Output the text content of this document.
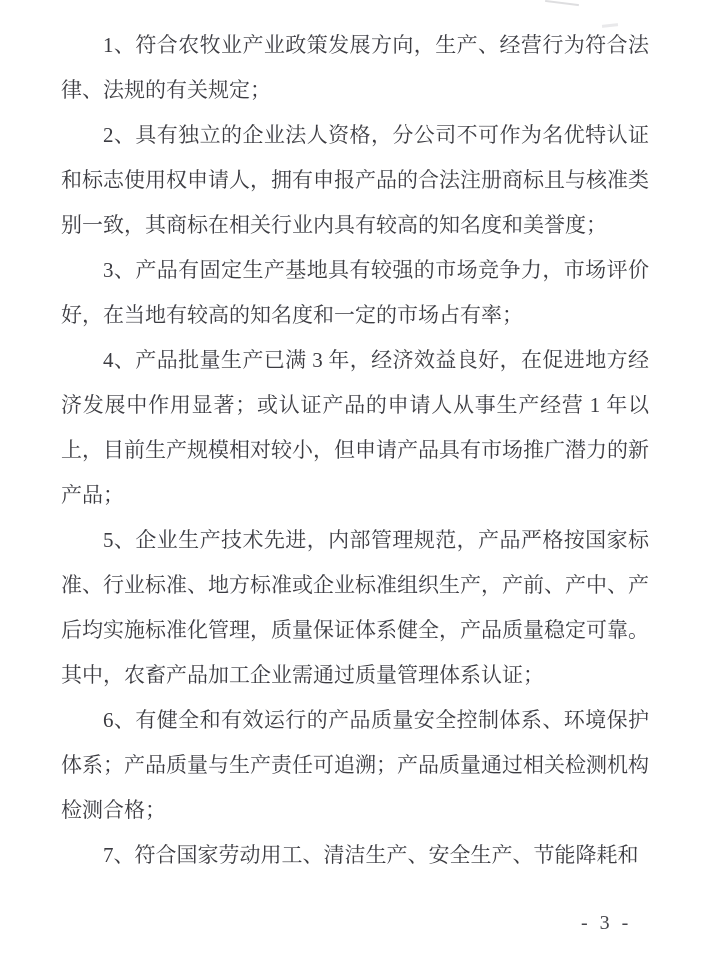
1、符合农牧业产业政策发展方向，生产、经营行为符合法律、法规的有关规定；

2、具有独立的企业法人资格，分公司不可作为名优特认证和标志使用权申请人，拥有申报产品的合法注册商标且与核准类别一致，其商标在相关行业内具有较高的知名度和美誉度；

3、产品有固定生产基地具有较强的市场竞争力，市场评价好，在当地有较高的知名度和一定的市场占有率；

4、产品批量生产已满 3 年，经济效益良好，在促进地方经济发展中作用显著；或认证产品的申请人从事生产经营 1 年以上，目前生产规模相对较小，但申请产品具有市场推广潜力的新产品；

5、企业生产技术先进，内部管理规范，产品严格按国家标准、行业标准、地方标准或企业标准组织生产，产前、产中、产后均实施标准化管理，质量保证体系健全，产品质量稳定可靠。其中，农畜产品加工企业需通过质量管理体系认证；

6、有健全和有效运行的产品质量安全控制体系、环境保护体系；产品质量与生产责任可追溯；产品质量通过相关检测机构检测合格；

7、符合国家劳动用工、清洁生产、安全生产、节能降耗和

- 3 -
